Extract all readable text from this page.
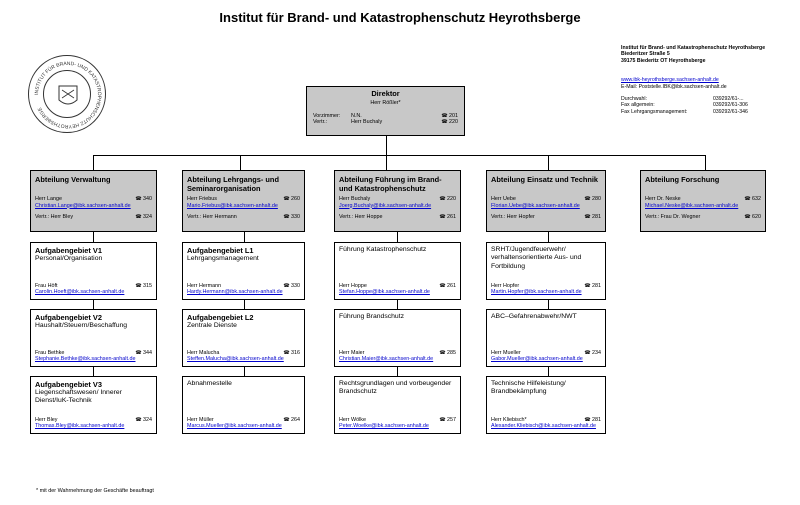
Institut für Brand- und Katastrophenschutz Heyrothsberge
INSTITUT FÜR BRAND- UND KATASTROPHENSCHUTZ HEYROTHSBERGE
Institut für Brand- und Katastrophenschutz Heyrothsberge
Biederitzer Straße 5
39175 Biederitz OT Heyrothsberge
www.ibk-heyrothsberge.sachsen-anhalt.de
E-Mail: Poststelle.IBK@ibk.sachsen-anhalt.de
Durchwahl:	039292/61-...
Fax allgemein:	039292/61-306
Fax Lehrgangsmanagement:	039292/61-346
Direktor
Herr Rößler*
Vorzimmer:	N.N.	☎ 201
Vertr.:	Herr Buchaly	☎ 220
Abteilung Verwaltung
Herr Lange	☎ 340
Christian.Lange@ibk.sachsen-anhalt.de
Vertr.: Herr Bley	☎ 324
Abteilung Lehrgangs- und Seminarorganisation
Herr Friebus	☎ 260
Mario.Friebus@ibk.sachsen-anhalt.de
Vertr.: Herr Hermann	☎ 330
Abteilung Führung im Brand- und Katastrophenschutz
Herr Buchaly	☎ 220
Joerg.Buchaly@ibk.sachsen-anhalt.de
Vertr.: Herr Hoppe	☎ 261
Abteilung Einsatz und Technik
Herr Uebe	☎ 280
Florian.Uebe@ibk.sachsen-anhalt.de
Vertr.: Herr Hopfer	☎ 281
Abteilung Forschung
Herr Dr. Neske	☎ 632
Michael.Neske@ibk.sachsen-anhalt.de
Vertr.: Frau Dr. Wegner	☎ 620
Aufgabengebiet V1
Personal/Organisation
Frau Höft	☎ 315
Carolin.Hoeft@ibk.sachsen-anhalt.de
Aufgabengebiet V2
Haushalt/Steuern/Beschaffung
Frau Bethke	☎ 344
Stephanie.Bethke@ibk.sachsen-anhalt.de
Aufgabengebiet V3
Liegenschaftswesen/ Innerer Dienst/IuK-Technik
Herr Bley	☎ 324
Thomas.Bley@ibk.sachsen-anhalt.de
Aufgabengebiet L1
Lehrgangsmanagement
Herr Hermann	☎ 330
Hardy.Hermann@ibk.sachsen-anhalt.de
Aufgabengebiet L2
Zentrale Dienste
Herr Malucha	☎ 316
Steffen.Malucha@ibk.sachsen-anhalt.de
Abnahmestelle
Herr Müller	☎ 264
Marcus.Mueller@ibk.sachsen-anhalt.de
Führung Katastrophenschutz
Herr Hoppe	☎ 261
Stefan.Hoppe@ibk.sachsen-anhalt.de
Führung Brandschutz
Herr Maier	☎ 285
Christian.Maier@ibk.sachsen-anhalt.de
Rechtsgrundlagen und vorbeugender Brandschutz
Herr Wölke	☎ 257
Peter.Woelke@ibk.sachsen-anhalt.de
SRHT/Jugendfeuerwehr/ verhaltensorientierte Aus- und Fortbildung
Herr Hopfer	☎ 281
Martin.Hopfer@ibk.sachsen-anhalt.de
ABC–Gefahrenabwehr/NWT
Herr Mueller	☎ 234
Gabor.Mueller@ibk.sachsen-anhalt.de
Technische Hilfeleistung/ Brandbekämpfung
Herr Kliebisch*	☎ 281
Alexander.Kliebisch@ibk.sachsen-anhalt.de
* mit der Wahrnehmung der Geschäfte beauftragt
